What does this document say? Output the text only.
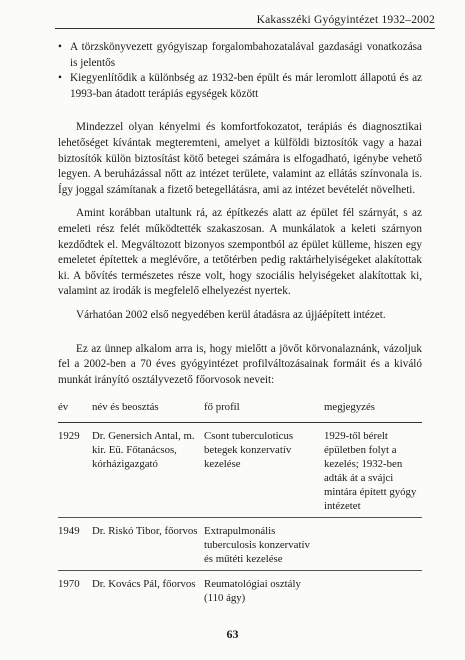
Kakasszéki Gyógyintézet 1932–2002
• A törzskönyvezett gyógyiszap forgalombahozatalával gazdasági vonatkozása is jelentős
• Kiegyenlítődik a különbség az 1932-ben épült és már leromlott állapotú és az 1993-ban átadott terápiás egységek között

Mindezzel olyan kényelmi és komfortfokozatot, terápiás és diagnosztikai lehetőséget kívántak megteremteni, amelyet a külföldi biztosítók vagy a hazai biztosítók külön biztosítást kötő betegei számára is elfogadható, igénybe vehető legyen. A beruházással nőtt az intézet területe, valamint az ellátás színvonala is. Így joggal számítanak a fizető betegellátásra, ami az intézet bevételét növelheti.

Amint korábban utaltunk rá, az építkezés alatt az épület fél szárnyát, s az emeleti rész felét működtették szakaszosan. A munkálatok a keleti szárnyon kezdődtek el. Megváltozott bizonyos szempontból az épület külleme, hiszen egy emeletet építettek a meglévőre, a tetőtérben pedig raktárhelyiségeket alakítottak ki. A bővítés természetes része volt, hogy szociális helyiségeket alakítottak ki, valamint az irodák is megfelelő elhelyezést nyertek.

Várhatóan 2002 első negyedében kerül átadásra az újjáépített intézet.

Ez az ünnep alkalom arra is, hogy mielőtt a jövőt körvonalaznánk, vázoljuk fel a 2002-ben a 70 éves gyógyintézet profilváltozásainak formáit és a kiváló munkát irányító osztályvezető főorvosok neveit:

év	név és beosztás	fő profil	megjegyzés
1929	Dr. Genersich Antal, m. kir. Eü. Főtanácsos, kórházigazgató	Csont tuberculoticus betegek konzervatív kezelése	1929-től bérelt épületben folyt a kezelés; 1932-ben adták át a svájci mintára épített gyógy intézetet
1949	Dr. Riskó Tibor, főorvos	Extrapulmonális tuberculosis konzervatív és műtéti kezelése	
1970	Dr. Kovács Pál, főorvos	Reumatológiai osztály (110 ágy)	
63
